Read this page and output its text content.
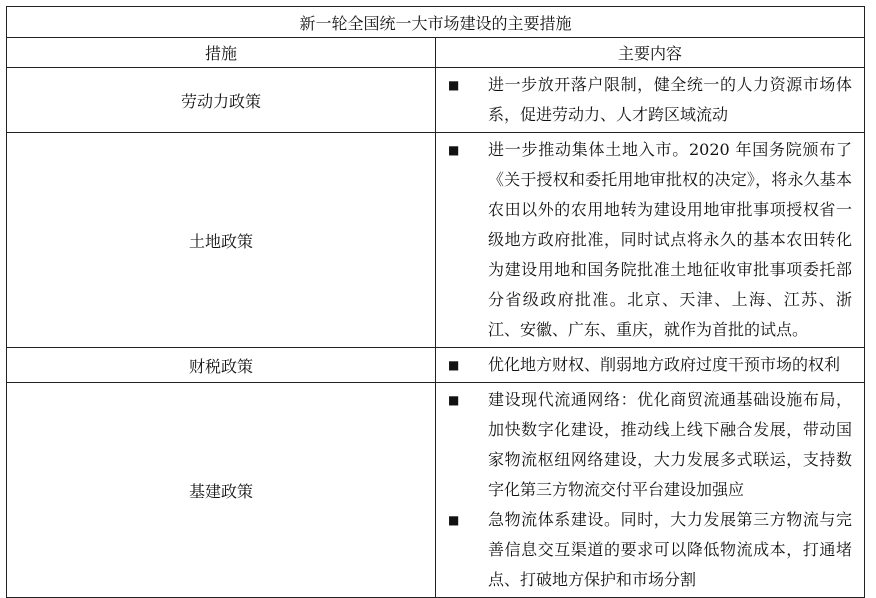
新一轮全国统一大市场建设的主要措施	
措施	主要内容
劳动力政策	■ 进一步放开落户限制，健全统一的人力资源市场体系，促进劳动力、人才跨区域流动

土地政策	■ 进一步推动集体土地入市。2020 年国务院颁布了《关于授权和委托用地审批权的决定》，将永久基本农田以外的农用地转为建设用地审批事项授权省一级地方政府批准，同时试点将永久的基本农田转化为建设用地和国务院批准土地征收审批事项委托部分省级政府批准。北京、天津、上海、江苏、浙江、安徽、广东、重庆，就作为首批的试点。

财税政策	■ 优化地方财权、削弱地方政府过度干预市场的权利

基建政策	■ 建设现代流通网络：优化商贸流通基础设施布局，加快数字化建设，推动线上线下融合发展，带动国家物流枢纽网络建设，大力发展多式联运，支持数字化第三方物流交付平台建设加强应
■ 急物流体系建设。同时，大力发展第三方物流与完善信息交互渠道的要求可以降低物流成本，打通堵点、打破地方保护和市场分割
